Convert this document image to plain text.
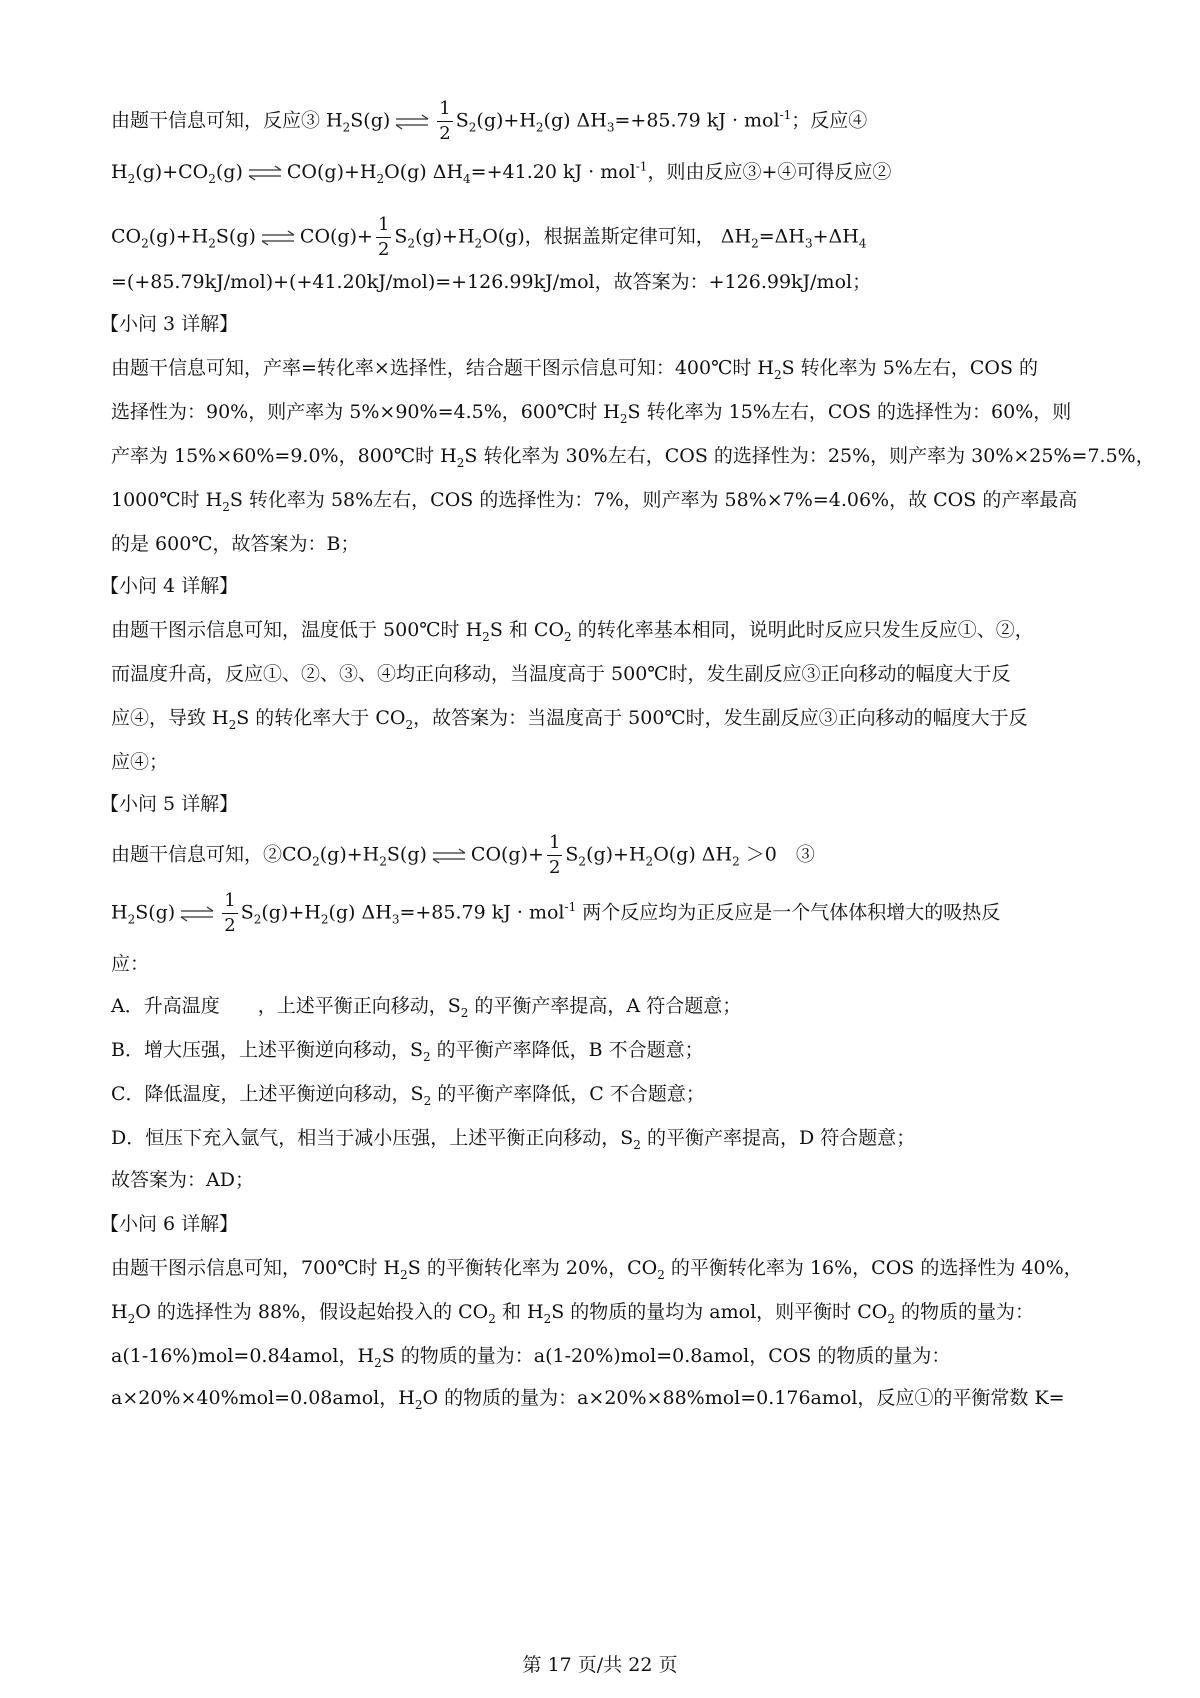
由题干信息可知，反应③ $H_2S(g)$ ⇌ $\frac{1}{2} S_2(g)+H_2(g)$ $\Delta H_3=+85.79$ kJ · mol$^{-1}$；反应④
$H_2(g)+CO_2(g)$ ⇌ $CO(g)+H_2O(g)$ $\Delta H_4=+41.20$ kJ · mol$^{-1}$，则由反应③+④可得反应②
$CO_2(g)+H_2S(g)$ ⇌ $CO(g)+ \frac{1}{2} S_2(g)+H_2O(g)$，根据盖斯定律可知， $\Delta H_2=\Delta H_3+\Delta H_4$
=(+85.79kJ/mol)+(+41.20kJ/mol)=+126.99kJ/mol，故答案为：+126.99kJ/mol；
【小问 3 详解】
由题干信息可知，产率=转化率×选择性，结合题干图示信息可知：400℃时 $H_2S$ 转化率为 5%左右，COS 的
选择性为：90%，则产率为 5%×90%=4.5%，600℃时 $H_2S$ 转化率为 15%左右，COS 的选择性为：60%，则
产率为 15%×60%=9.0%，800℃时 $H_2S$ 转化率为 30%左右，COS 的选择性为：25%，则产率为 30%×25%=7.5%，
1000℃时 $H_2S$ 转化率为 58%左右，COS 的选择性为：7%，则产率为 58%×7%=4.06%，故 COS 的产率最高
的是 600℃，故答案为：B；
【小问 4 详解】
由题干图示信息可知，温度低于 500℃时 $H_2S$ 和 $CO_2$ 的转化率基本相同，说明此时反应只发生反应①、②，
而温度升高，反应①、②、③、④均正向移动，当温度高于 500℃时，发生副反应③正向移动的幅度大于反
应④，导致 $H_2S$ 的转化率大于 $CO_2$，故答案为：当温度高于 500℃时，发生副反应③正向移动的幅度大于反
应④；
【小问 5 详解】
由题干信息可知，$②CO_2(g)+H_2S(g)$ ⇌ $CO(g)+ \frac{1}{2} S_2(g)+H_2O(g)$ $\Delta H_2 >0$　③
$H_2S(g)$ ⇌ $\frac{1}{2} S_2(g)+H_2(g)$ $\Delta H_3=+85.79$ kJ · mol$^{-1}$ 两个反应均为正反应是一个气体体积增大的吸热反
应：
A．升高温度　　，上述平衡正向移动，$S_2$ 的平衡产率提高，A 符合题意；
B．增大压强，上述平衡逆向移动，$S_2$ 的平衡产率降低，B 不合题意；
C．降低温度，上述平衡逆向移动，$S_2$ 的平衡产率降低，C 不合题意；
D．恒压下充入氩气，相当于减小压强，上述平衡正向移动，$S_2$ 的平衡产率提高，D 符合题意；
故答案为：AD；
【小问 6 详解】
由题干图示信息可知，700℃时 $H_2S$ 的平衡转化率为 20%，$CO_2$ 的平衡转化率为 16%，COS 的选择性为 40%，
$H_2O$ 的选择性为 88%，假设起始投入的 $CO_2$ 和 $H_2S$ 的物质的量均为 amol，则平衡时 $CO_2$ 的物质的量为：
a(1-16%)mol=0.84amol，$H_2S$ 的物质的量为：a(1-20%)mol=0.8amol，COS 的物质的量为：
a×20%×40%mol=0.08amol，$H_2O$ 的物质的量为：a×20%×88%mol=0.176amol，反应①的平衡常数 K=
第 17 页/共 22 页
